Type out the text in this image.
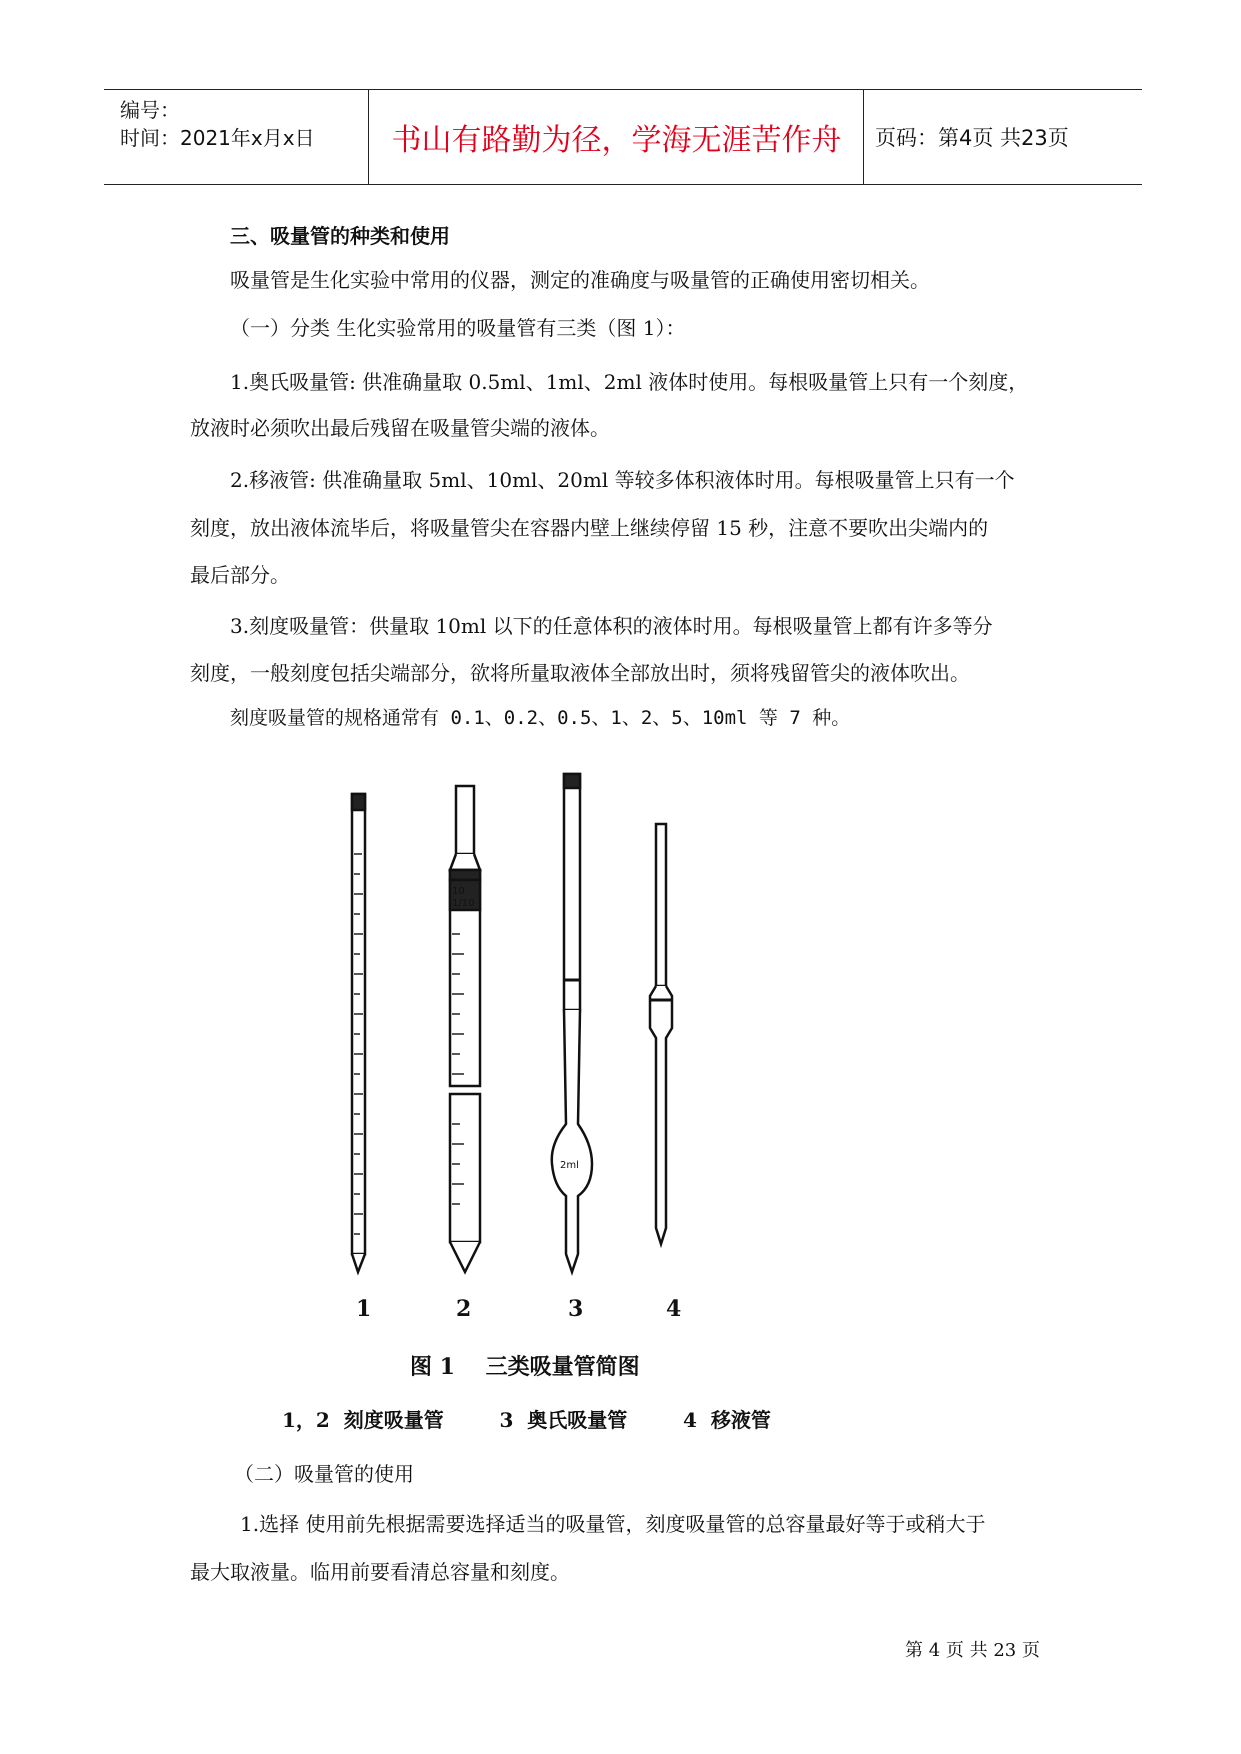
编号：
时间：2021年x月x日	书山有路勤为径，学海无涯苦作舟	页码：第4页 共23页
三、吸量管的种类和使用
吸量管是生化实验中常用的仪器，测定的准确度与吸量管的正确使用密切相关。
（一）分类 生化实验常用的吸量管有三类（图 1）：
1.奥氏吸量管: 供准确量取 0.5ml、1ml、2ml 液体时使用。每根吸量管上只有一个刻度，
放液时必须吹出最后残留在吸量管尖端的液体。
2.移液管: 供准确量取 5ml、10ml、20ml 等较多体积液体时用。每根吸量管上只有一个
刻度，放出液体流毕后，将吸量管尖在容器内壁上继续停留 15 秒，注意不要吹出尖端内的
最后部分。
3.刻度吸量管：供量取 10ml 以下的任意体积的液体时用。每根吸量管上都有许多等分
刻度，一般刻度包括尖端部分，欲将所量取液体全部放出时，须将残留管尖的液体吹出。
刻度吸量管的规格通常有 0.1、0.2、0.5、1、2、5、10ml 等 7 种。
10
1/10
2ml
1	2	3	4
图 1    三类吸量管简图
1，2  刻度吸量管        3  奥氏吸量管        4  移液管
（二）吸量管的使用
1.选择 使用前先根据需要选择适当的吸量管，刻度吸量管的总容量最好等于或稍大于
最大取液量。临用前要看清总容量和刻度。
第 4 页 共 23 页
